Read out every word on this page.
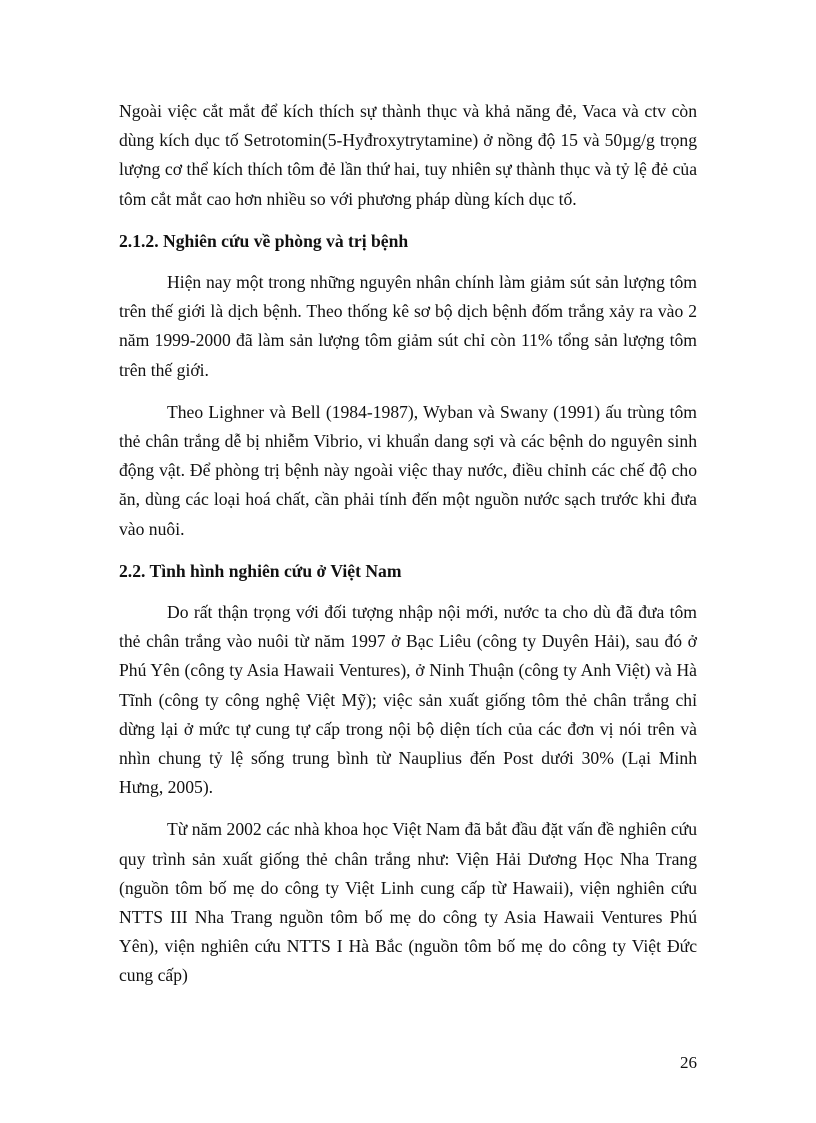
Ngoài việc cắt mắt để kích thích sự thành thục và khả năng đẻ, Vaca và ctv còn dùng kích dục tố Setrotomin(5-Hyđroxytrytamine) ở nồng độ 15 và 50µg/g trọng lượng cơ thể kích thích tôm đẻ lần thứ hai, tuy nhiên sự thành thục và tỷ lệ đẻ của tôm cắt mắt cao hơn nhiều so với phương pháp dùng kích dục tố.

2.1.2. Nghiên cứu về phòng và trị bệnh

Hiện nay một trong những nguyên nhân chính làm giảm sút sản lượng tôm trên thế giới là dịch bệnh. Theo thống kê sơ bộ dịch bệnh đốm trắng xảy ra vào 2 năm 1999-2000 đã làm sản lượng tôm giảm sút chỉ còn 11% tổng sản lượng tôm trên thế giới.

Theo Lighner và Bell (1984-1987), Wyban và Swany (1991) ấu trùng tôm thẻ chân trắng dễ bị nhiễm Vibrio, vi khuẩn dang sợi và các bệnh do nguyên sinh động vật. Để phòng trị bệnh này ngoài việc thay nước, điều chỉnh các chế độ cho ăn, dùng các loại hoá chất, cần phải tính đến một nguồn nước sạch trước khi đưa vào nuôi.

2.2. Tình hình nghiên cứu ở Việt Nam

Do rất thận trọng với đối tượng nhập nội mới, nước ta cho dù đã đưa tôm thẻ chân trắng vào nuôi từ năm 1997 ở Bạc Liêu (công ty Duyên Hải), sau đó ở Phú Yên (công ty Asia Hawaii Ventures), ở Ninh Thuận (công ty Anh Việt) và Hà Tĩnh (công ty công nghệ Việt Mỹ); việc sản xuất giống tôm thẻ chân trắng chỉ dừng lại ở mức tự cung tự cấp trong nội bộ diện tích của các đơn vị nói trên và nhìn chung tỷ lệ sống trung bình từ Nauplius đến Post dưới 30% (Lại Minh Hưng, 2005).

Từ năm 2002 các nhà khoa học Việt Nam đã bắt đầu đặt vấn đề nghiên cứu quy trình sản xuất giống thẻ chân trắng như: Viện Hải Dương Học Nha Trang (nguồn tôm bố mẹ do công ty Việt Linh cung cấp từ Hawaii), viện nghiên cứu NTTS III Nha Trang nguồn tôm bố mẹ do công ty Asia Hawaii Ventures Phú Yên), viện nghiên cứu NTTS I Hà Bắc (nguồn tôm bố mẹ do công ty Việt Đức cung cấp)

26
